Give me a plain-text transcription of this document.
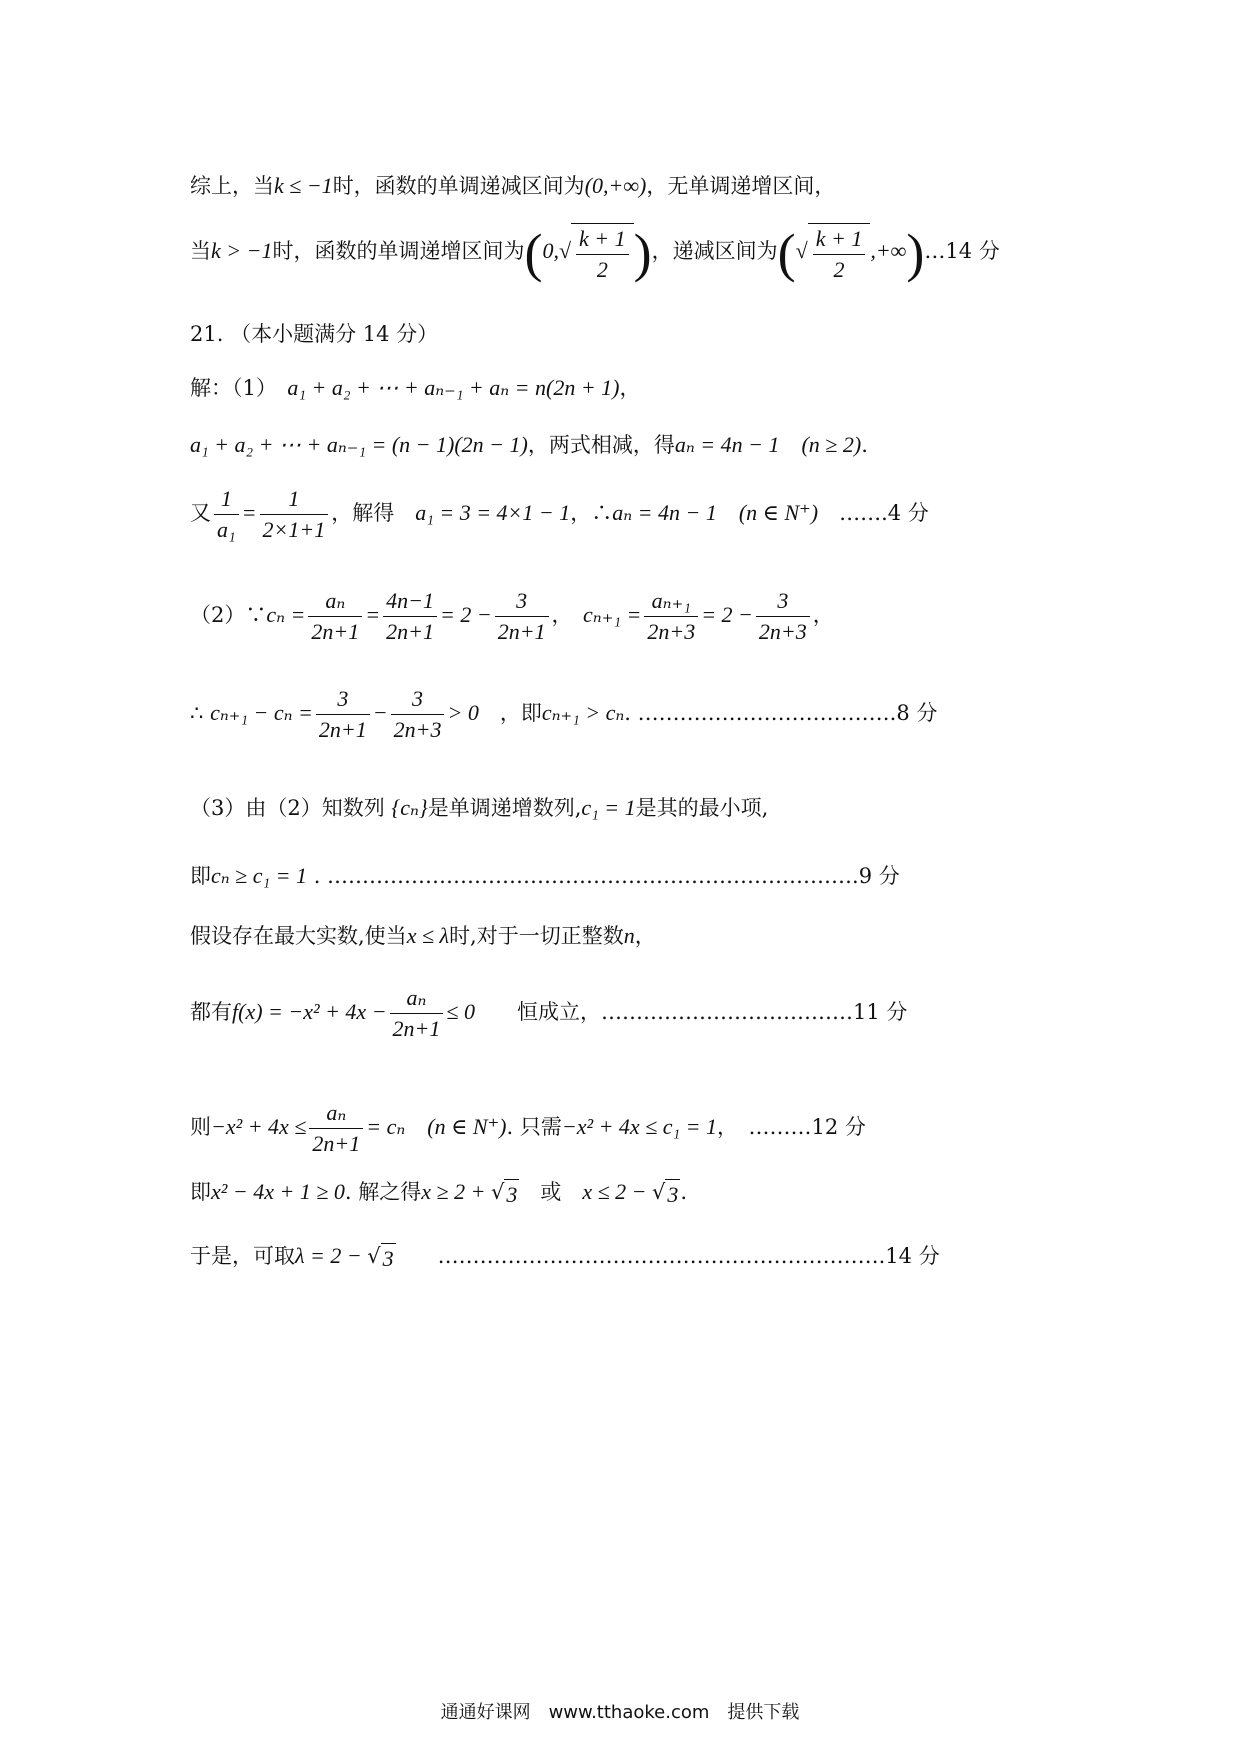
综上，当k ≤ −1时，函数的单调递减区间为(0,+∞)，无单调递增区间，
当k > −1时，函数的单调递增区间为($0,√ \frac{k + 1}{2}$ )，递减区间为(√ $\frac{k + 1}{2}$ ,+∞)…14 分
21. （本小题满分 14 分）
解：（1）　 a₁ + a₂ + ⋯ + aₙ₋₁ + aₙ = n(2n + 1)，
a₁ + a₂ + ⋯ + aₙ₋₁ = (n − 1)(2n − 1)，两式相减，得aₙ = 4n − 1　(n ≥ 2).
又 $\frac{1}{\text{a₁}} = \frac{1}{2\times 1+1}$ ，解得　 a₁ = 3 = 4×1 − 1，∴aₙ = 4n − 1　(n ∈ N⁺)　 …….4 分
（2）∵cₙ = $\frac{\text{aₙ}}{2n+1} = \frac{4n-1}{2n+1} = 2 - \frac{3}{2n+1}$ ，　$c_{n+1} = \frac{\text{aₙ₊₁}}{2n+3} = 2 - \frac{3}{2n+3}$ ，
∴ $c_{n+1} - c_n = \frac{3}{2n+1} - \frac{3}{2n+3} > 0$　 ，即cₙ₊₁ > cₙ. ……………………………….8 分
（3）由（2）知数列 {cₙ}是单调递增数列,c₁ = 1是其的最小项,
即cₙ ≥ c₁ = 1 . ………………………………………………………………….9 分
假设存在最大实数,使当x ≤ λ时,对于一切正整数n，
都有$f(x) = -x^2 + 4x - \frac{\text{aₙ}}{2n+1} \le 0$　　 恒成立，………………………………11 分
则$-x^2 + 4x \le \frac{\text{aₙ}}{2n+1} = c_n$　(n ∈ N⁺). 只需−x² + 4x ≤ c₁ = 1，　………12 分
即x² − 4x + 1 ≥ 0. 解之得x ≥ 2 + √3　或　 x ≤ 2 − √3.
于是，可取λ = 2 − √3　　 ……………………………………………………….14 分
通通好课网　www.tthaoke.com　提供下载
